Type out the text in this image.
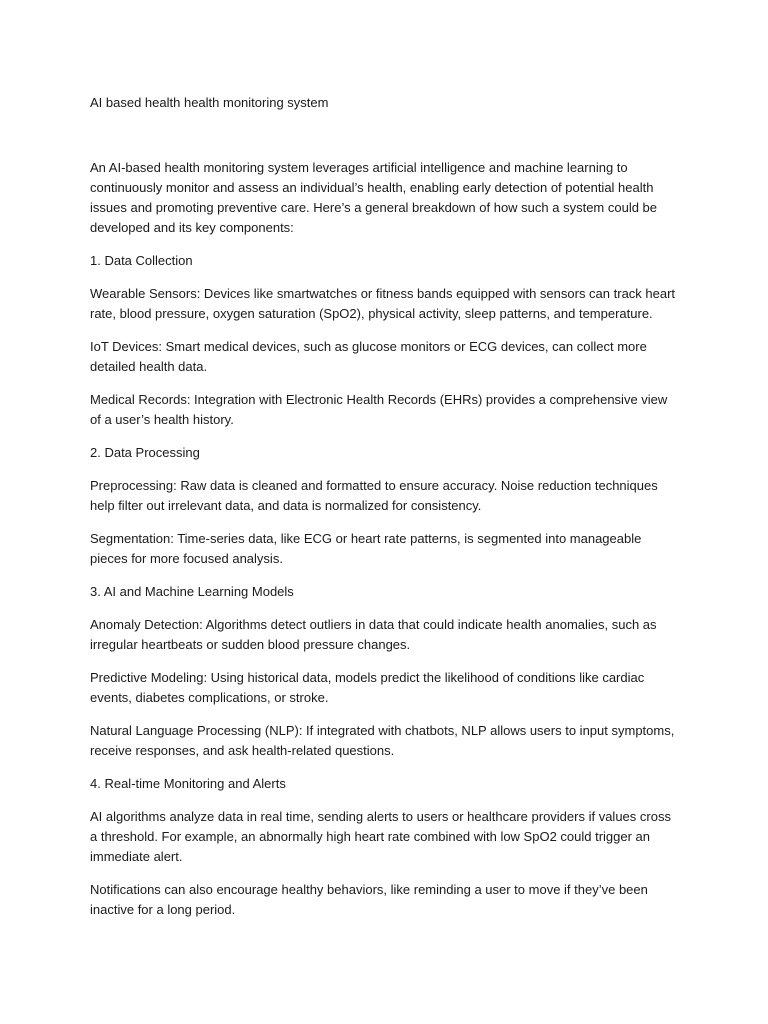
AI based health health monitoring system

An AI-based health monitoring system leverages artificial intelligence and machine learning to continuously monitor and assess an individual’s health, enabling early detection of potential health issues and promoting preventive care. Here’s a general breakdown of how such a system could be developed and its key components:

1. Data Collection

Wearable Sensors: Devices like smartwatches or fitness bands equipped with sensors can track heart rate, blood pressure, oxygen saturation (SpO2), physical activity, sleep patterns, and temperature.

IoT Devices: Smart medical devices, such as glucose monitors or ECG devices, can collect more detailed health data.

Medical Records: Integration with Electronic Health Records (EHRs) provides a comprehensive view of a user’s health history.

2. Data Processing

Preprocessing: Raw data is cleaned and formatted to ensure accuracy. Noise reduction techniques help filter out irrelevant data, and data is normalized for consistency.

Segmentation: Time-series data, like ECG or heart rate patterns, is segmented into manageable pieces for more focused analysis.

3. AI and Machine Learning Models

Anomaly Detection: Algorithms detect outliers in data that could indicate health anomalies, such as irregular heartbeats or sudden blood pressure changes.

Predictive Modeling: Using historical data, models predict the likelihood of conditions like cardiac events, diabetes complications, or stroke.

Natural Language Processing (NLP): If integrated with chatbots, NLP allows users to input symptoms, receive responses, and ask health-related questions.

4. Real-time Monitoring and Alerts

AI algorithms analyze data in real time, sending alerts to users or healthcare providers if values cross a threshold. For example, an abnormally high heart rate combined with low SpO2 could trigger an immediate alert.

Notifications can also encourage healthy behaviors, like reminding a user to move if they’ve been inactive for a long period.
